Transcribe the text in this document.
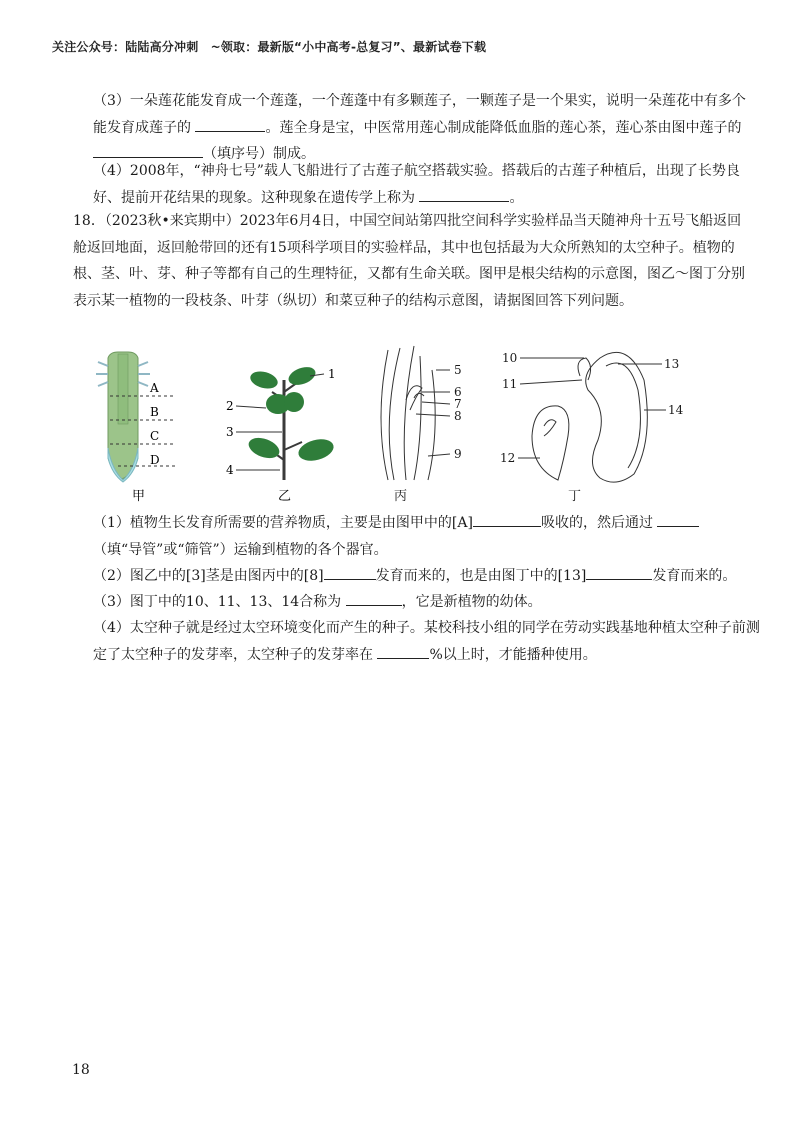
关注公众号：陆陆高分冲刺　~领取：最新版“小中高考-总复习”、最新试卷下载
（3）一朵莲花能发育成一个莲蓬，一个莲蓬中有多颗莲子，一颗莲子是一个果实，说明一朵莲花中有多个能发育成莲子的	。莲全身是宝，中医常用莲心制成能降低血脂的莲心茶，莲心茶由图中莲子的 （填序号）制成。
（4）2008年，“神舟七号”载人飞船进行了古莲子航空搭载实验。搭载后的古莲子种植后，出现了长势良好、提前开花结果的现象。这种现象在遗传学上称为	。
18．（2023秋•来宾期中）2023年6月4日，中国空间站第四批空间科学实验样品当天随神舟十五号飞船返回舱返回地面，返回舱带回的还有15项科学项目的实验样品，其中也包括最为大众所熟知的太空种子。植物的根、茎、叶、芽、种子等都有自己的生理特征，又都有生命关联。图甲是根尖结构的示意图，图乙～图丁分别表示某一植物的一段枝条、叶芽（纵切）和菜豆种子的结构示意图，请据图回答下列问题。
A
B
C
D
甲
1
2
3
4
乙
5
6
7
8
9
丙
10
11
12
13
14
丁
（1）植物生长发育所需要的营养物质，主要是由图甲中的[A]	吸收的，然后通过
（填“导管”或“筛管”）运输到植物的各个器官。
（2）图乙中的[3]茎是由图丙中的[8]	发育而来的，也是由图丁中的[13]	发育而来的。
（3）图丁中的10、11、13、14合称为	，它是新植物的幼体。
（4）太空种子就是经过太空环境变化而产生的种子。某校科技小组的同学在劳动实践基地种植太空种子前测定了太空种子的发芽率，太空种子的发芽率在	%以上时，才能播种使用。
18
